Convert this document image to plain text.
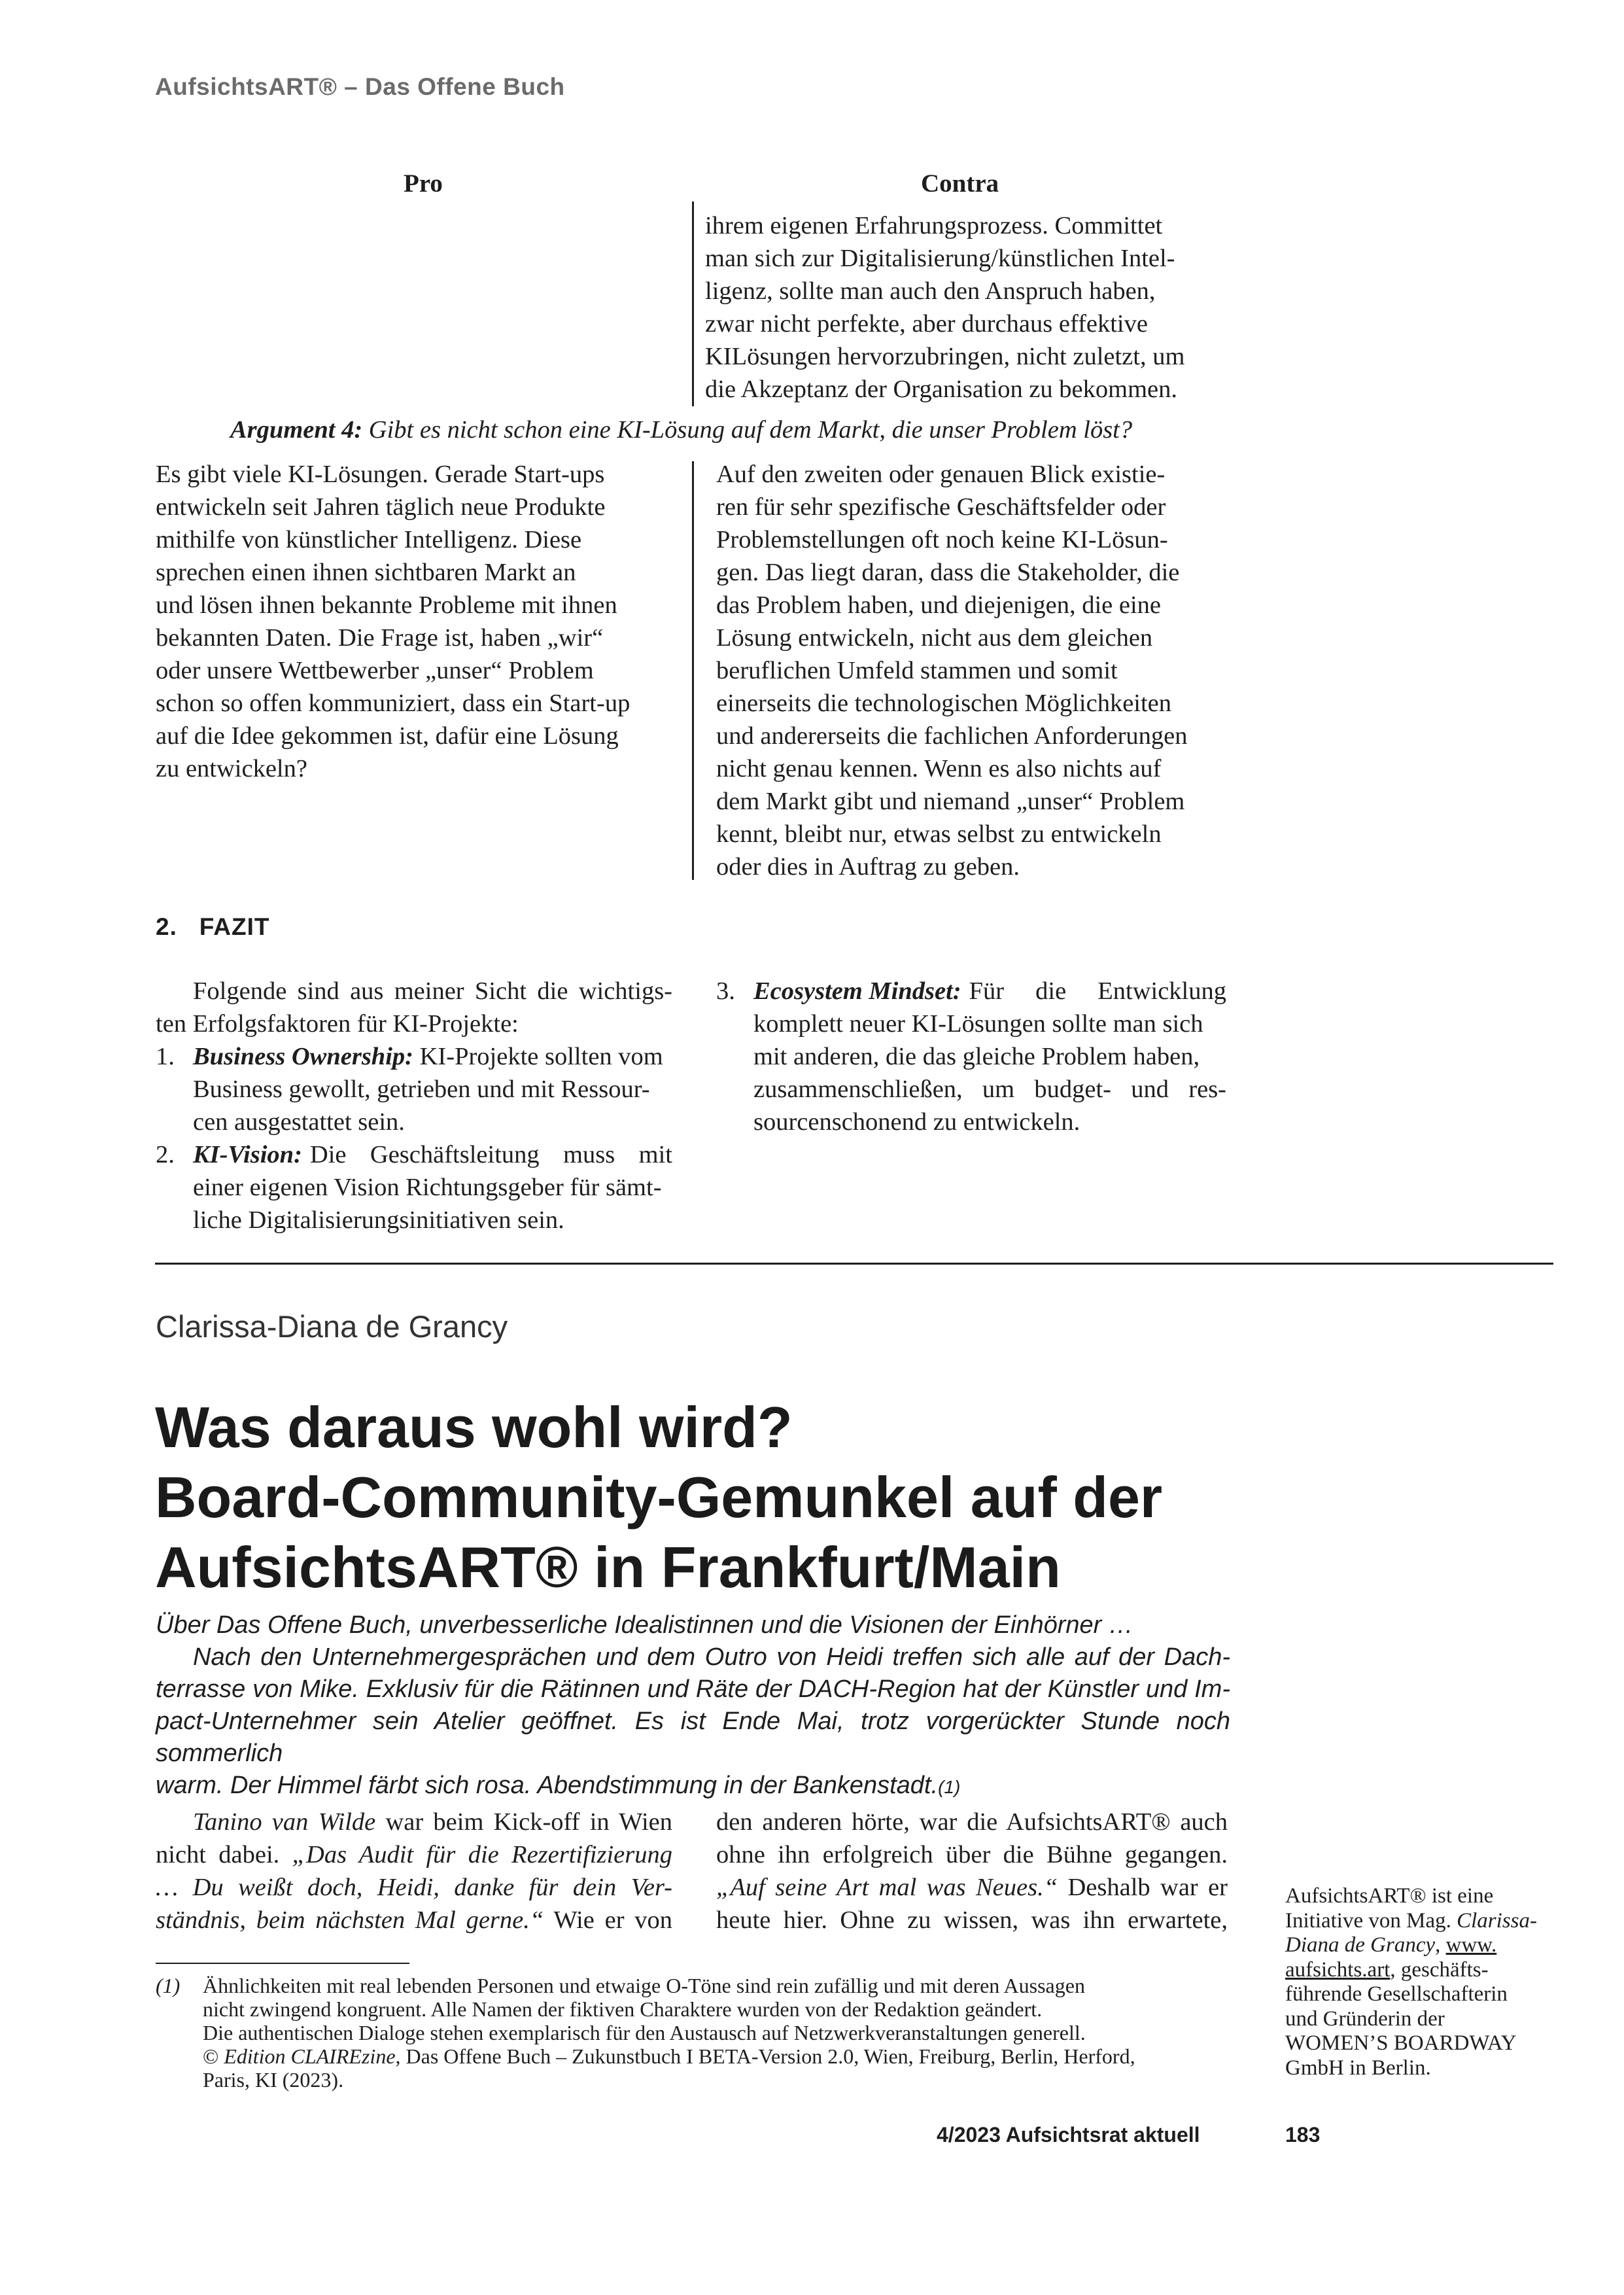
AufsichtsART® – Das Offene Buch
Pro	Contra
ihrem eigenen Erfahrungsprozess. Committet
man sich zur Digitalisierung/künstlichen Intel-
ligenz, sollte man auch den Anspruch haben,
zwar nicht perfekte, aber durchaus effektive
KILösungen hervorzubringen, nicht zuletzt, um
die Akzeptanz der Organisation zu bekommen.
Argument 4: Gibt es nicht schon eine KI-Lösung auf dem Markt, die unser Problem löst?
Es gibt viele KI-Lösungen. Gerade Start-ups
entwickeln seit Jahren täglich neue Produkte
mithilfe von künstlicher Intelligenz. Diese
sprechen einen ihnen sichtbaren Markt an
und lösen ihnen bekannte Probleme mit ihnen
bekannten Daten. Die Frage ist, haben „wir“
oder unsere Wettbewerber „unser“ Problem
schon so offen kommuniziert, dass ein Start-up
auf die Idee gekommen ist, dafür eine Lösung
zu entwickeln?
Auf den zweiten oder genauen Blick existie-
ren für sehr spezifische Geschäftsfelder oder
Problemstellungen oft noch keine KI-Lösun-
gen. Das liegt daran, dass die Stakeholder, die
das Problem haben, und diejenigen, die eine
Lösung entwickeln, nicht aus dem gleichen
beruflichen Umfeld stammen und somit
einerseits die technologischen Möglichkeiten
und andererseits die fachlichen Anforderungen
nicht genau kennen. Wenn es also nichts auf
dem Markt gibt und niemand „unser“ Problem
kennt, bleibt nur, etwas selbst zu entwickeln
oder dies in Auftrag zu geben.
2.   FAZIT
Folgende sind aus meiner Sicht die wichtigs-
ten Erfolgsfaktoren für KI-Projekte:
1. Business Ownership: KI-Projekte sollten vom
Business gewollt, getrieben und mit Ressour-
cen ausgestattet sein.
2. KI-Vision: Die Geschäftsleitung muss mit
einer eigenen Vision Richtungsgeber für sämt-
liche Digitalisierungsinitiativen sein.
3. Ecosystem Mindset: Für die Entwicklung
komplett neuer KI-Lösungen sollte man sich
mit anderen, die das gleiche Problem haben,
zusammenschließen, um budget- und res-
sourcenschonend zu entwickeln.
Clarissa-Diana de Grancy
Was daraus wohl wird?
Board-Community-Gemunkel auf der
AufsichtsART® in Frankfurt/Main
Über Das Offene Buch, unverbesserliche Idealistinnen und die Visionen der Einhörner …
Nach den Unternehmergesprächen und dem Outro von Heidi treffen sich alle auf der Dach-
terrasse von Mike. Exklusiv für die Rätinnen und Räte der DACH-Region hat der Künstler und Im-
pact-Unternehmer sein Atelier geöffnet. Es ist Ende Mai, trotz vorgerückter Stunde noch sommerlich
warm. Der Himmel färbt sich rosa. Abendstimmung in der Bankenstadt.(1)
Tanino van Wilde war beim Kick-off in Wien
nicht dabei. „Das Audit für die Rezertifizierung
… Du weißt doch, Heidi, danke für dein Ver-
ständnis, beim nächsten Mal gerne.“ Wie er von
den anderen hörte, war die AufsichtsART® auch
ohne ihn erfolgreich über die Bühne gegangen.
„Auf seine Art mal was Neues.“ Deshalb war er
heute hier. Ohne zu wissen, was ihn erwartete,
(1) Ähnlichkeiten mit real lebenden Personen und etwaige O-Töne sind rein zufällig und mit deren Aussagen
nicht zwingend kongruent. Alle Namen der fiktiven Charaktere wurden von der Redaktion geändert.
Die authentischen Dialoge stehen exemplarisch für den Austausch auf Netzwerkveranstaltungen generell.
© Edition CLAIREzine, Das Offene Buch – Zukunstbuch I BETA-Version 2.0, Wien, Freiburg, Berlin, Herford,
Paris, KI (2023).
AufsichtsART® ist eine
Initiative von Mag. Clarissa-
Diana de Grancy, www.
aufsichts.art, geschäfts-
führende Gesellschafterin
und Gründerin der
WOMEN’S BOARDWAY
GmbH in Berlin.
4/2023 Aufsichtsrat aktuell	183
